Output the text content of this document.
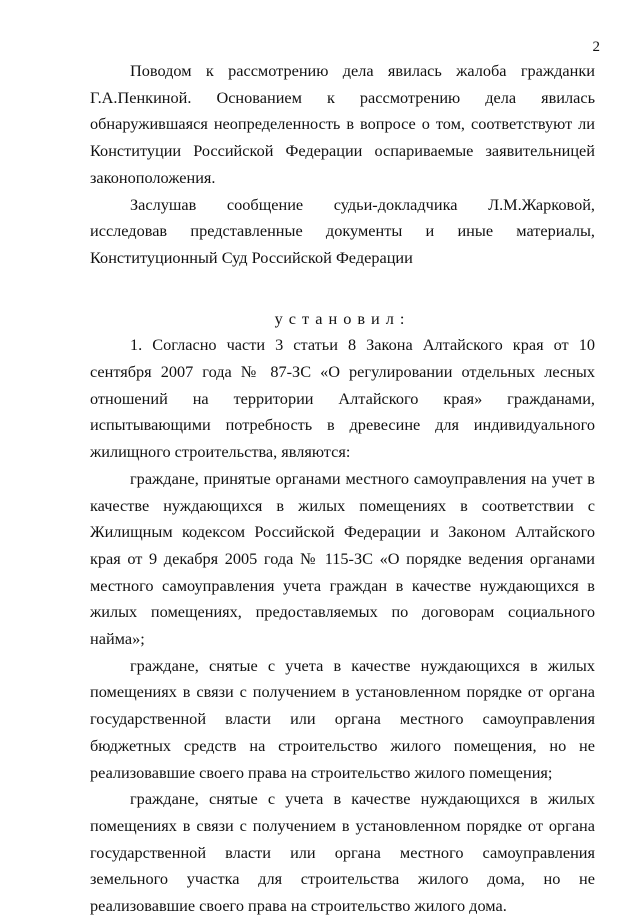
2

Поводом к рассмотрению дела явилась жалоба гражданки Г.А.Пенкиной. Основанием к рассмотрению дела явилась обнаружившаяся неопределенность в вопросе о том, соответствуют ли Конституции Российской Федерации оспариваемые заявительницей законоположения.

Заслушав сообщение судьи-докладчика Л.М.Жарковой, исследовав представленные документы и иные материалы, Конституционный Суд Российской Федерации

установил:

1. Согласно части 3 статьи 8 Закона Алтайского края от 10 сентября 2007 года № 87-ЗС «О регулировании отдельных лесных отношений на территории Алтайского края» гражданами, испытывающими потребность в древесине для индивидуального жилищного строительства, являются:

граждане, принятые органами местного самоуправления на учет в качестве нуждающихся в жилых помещениях в соответствии с Жилищным кодексом Российской Федерации и Законом Алтайского края от 9 декабря 2005 года № 115-ЗС «О порядке ведения органами местного самоуправления учета граждан в качестве нуждающихся в жилых помещениях, предоставляемых по договорам социального найма»;

граждане, снятые с учета в качестве нуждающихся в жилых помещениях в связи с получением в установленном порядке от органа государственной власти или органа местного самоуправления бюджетных средств на строительство жилого помещения, но не реализовавшие своего права на строительство жилого помещения;

граждане, снятые с учета в качестве нуждающихся в жилых помещениях в связи с получением в установленном порядке от органа государственной власти или органа местного самоуправления земельного участка для строительства жилого дома, но не реализовавшие своего права на строительство жилого дома.
